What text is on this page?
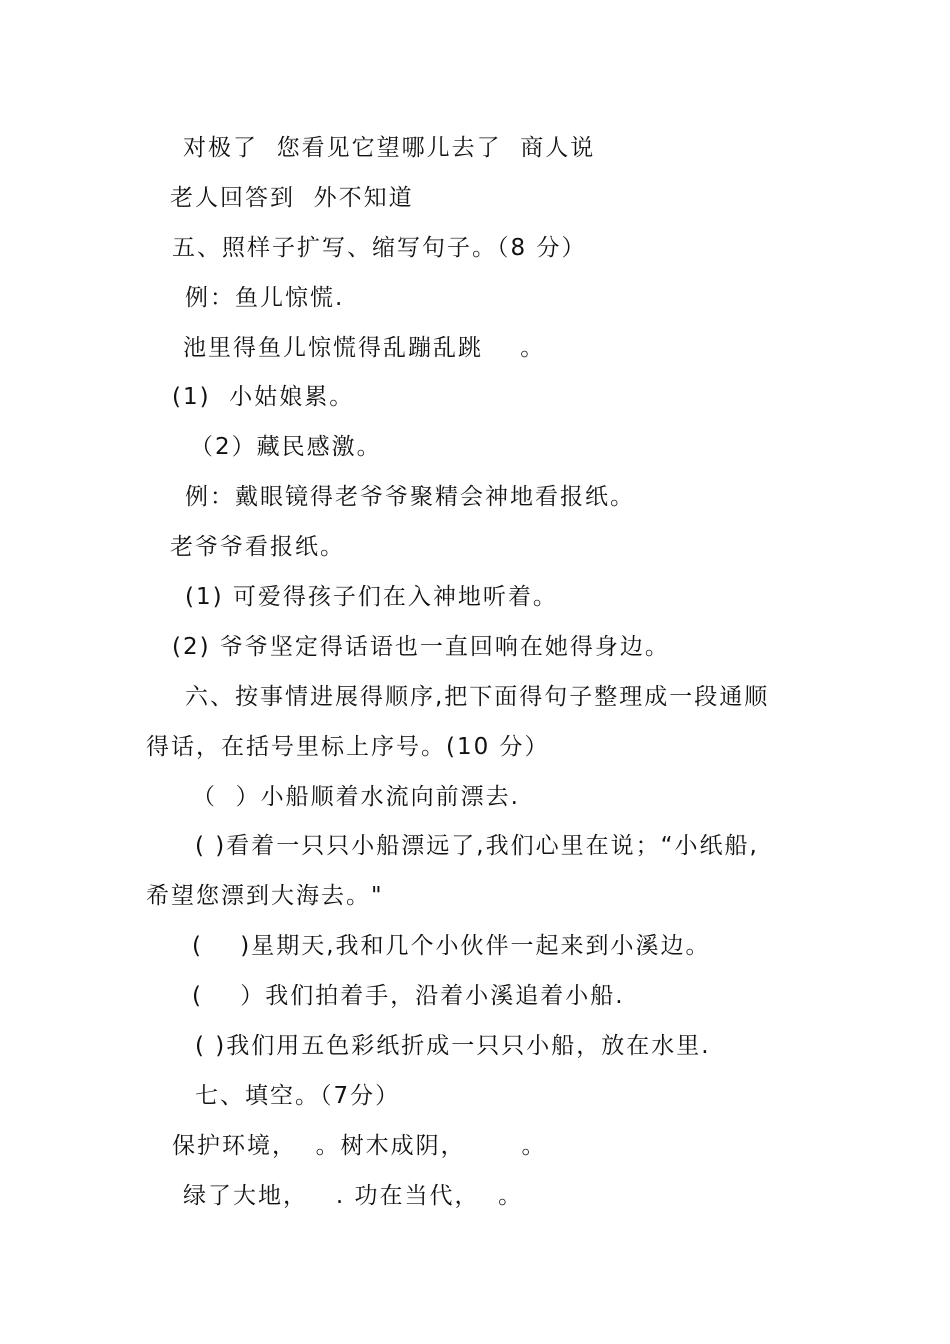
对极了  您看见它望哪儿去了  商人说
老人回答到  外不知道
五、照样子扩写、缩写句子。（8 分）
例：鱼儿惊慌.
池里得鱼儿惊慌得乱蹦乱跳    。
(1)  小姑娘累。
（2）藏民感激。
例：戴眼镜得老爷爷聚精会神地看报纸。
老爷爷看报纸。
(1) 可爱得孩子们在入神地听着。
(2) 爷爷坚定得话语也一直回响在她得身边。
六、按事情进展得顺序,把下面得句子整理成一段通顺
得话，在括号里标上序号。(10 分）
（  ）小船顺着水流向前漂去.
( )看着一只只小船漂远了,我们心里在说；“小纸船,
希望您漂到大海去。"
(    )星期天,我和几个小伙伴一起来到小溪边。
(    ）我们拍着手，沿着小溪追着小船.
( )我们用五色彩纸折成一只只小船，放在水里.
七、填空。（7分）
保护环境，  。树木成阴，      。
绿了大地，   . 功在当代，  。
